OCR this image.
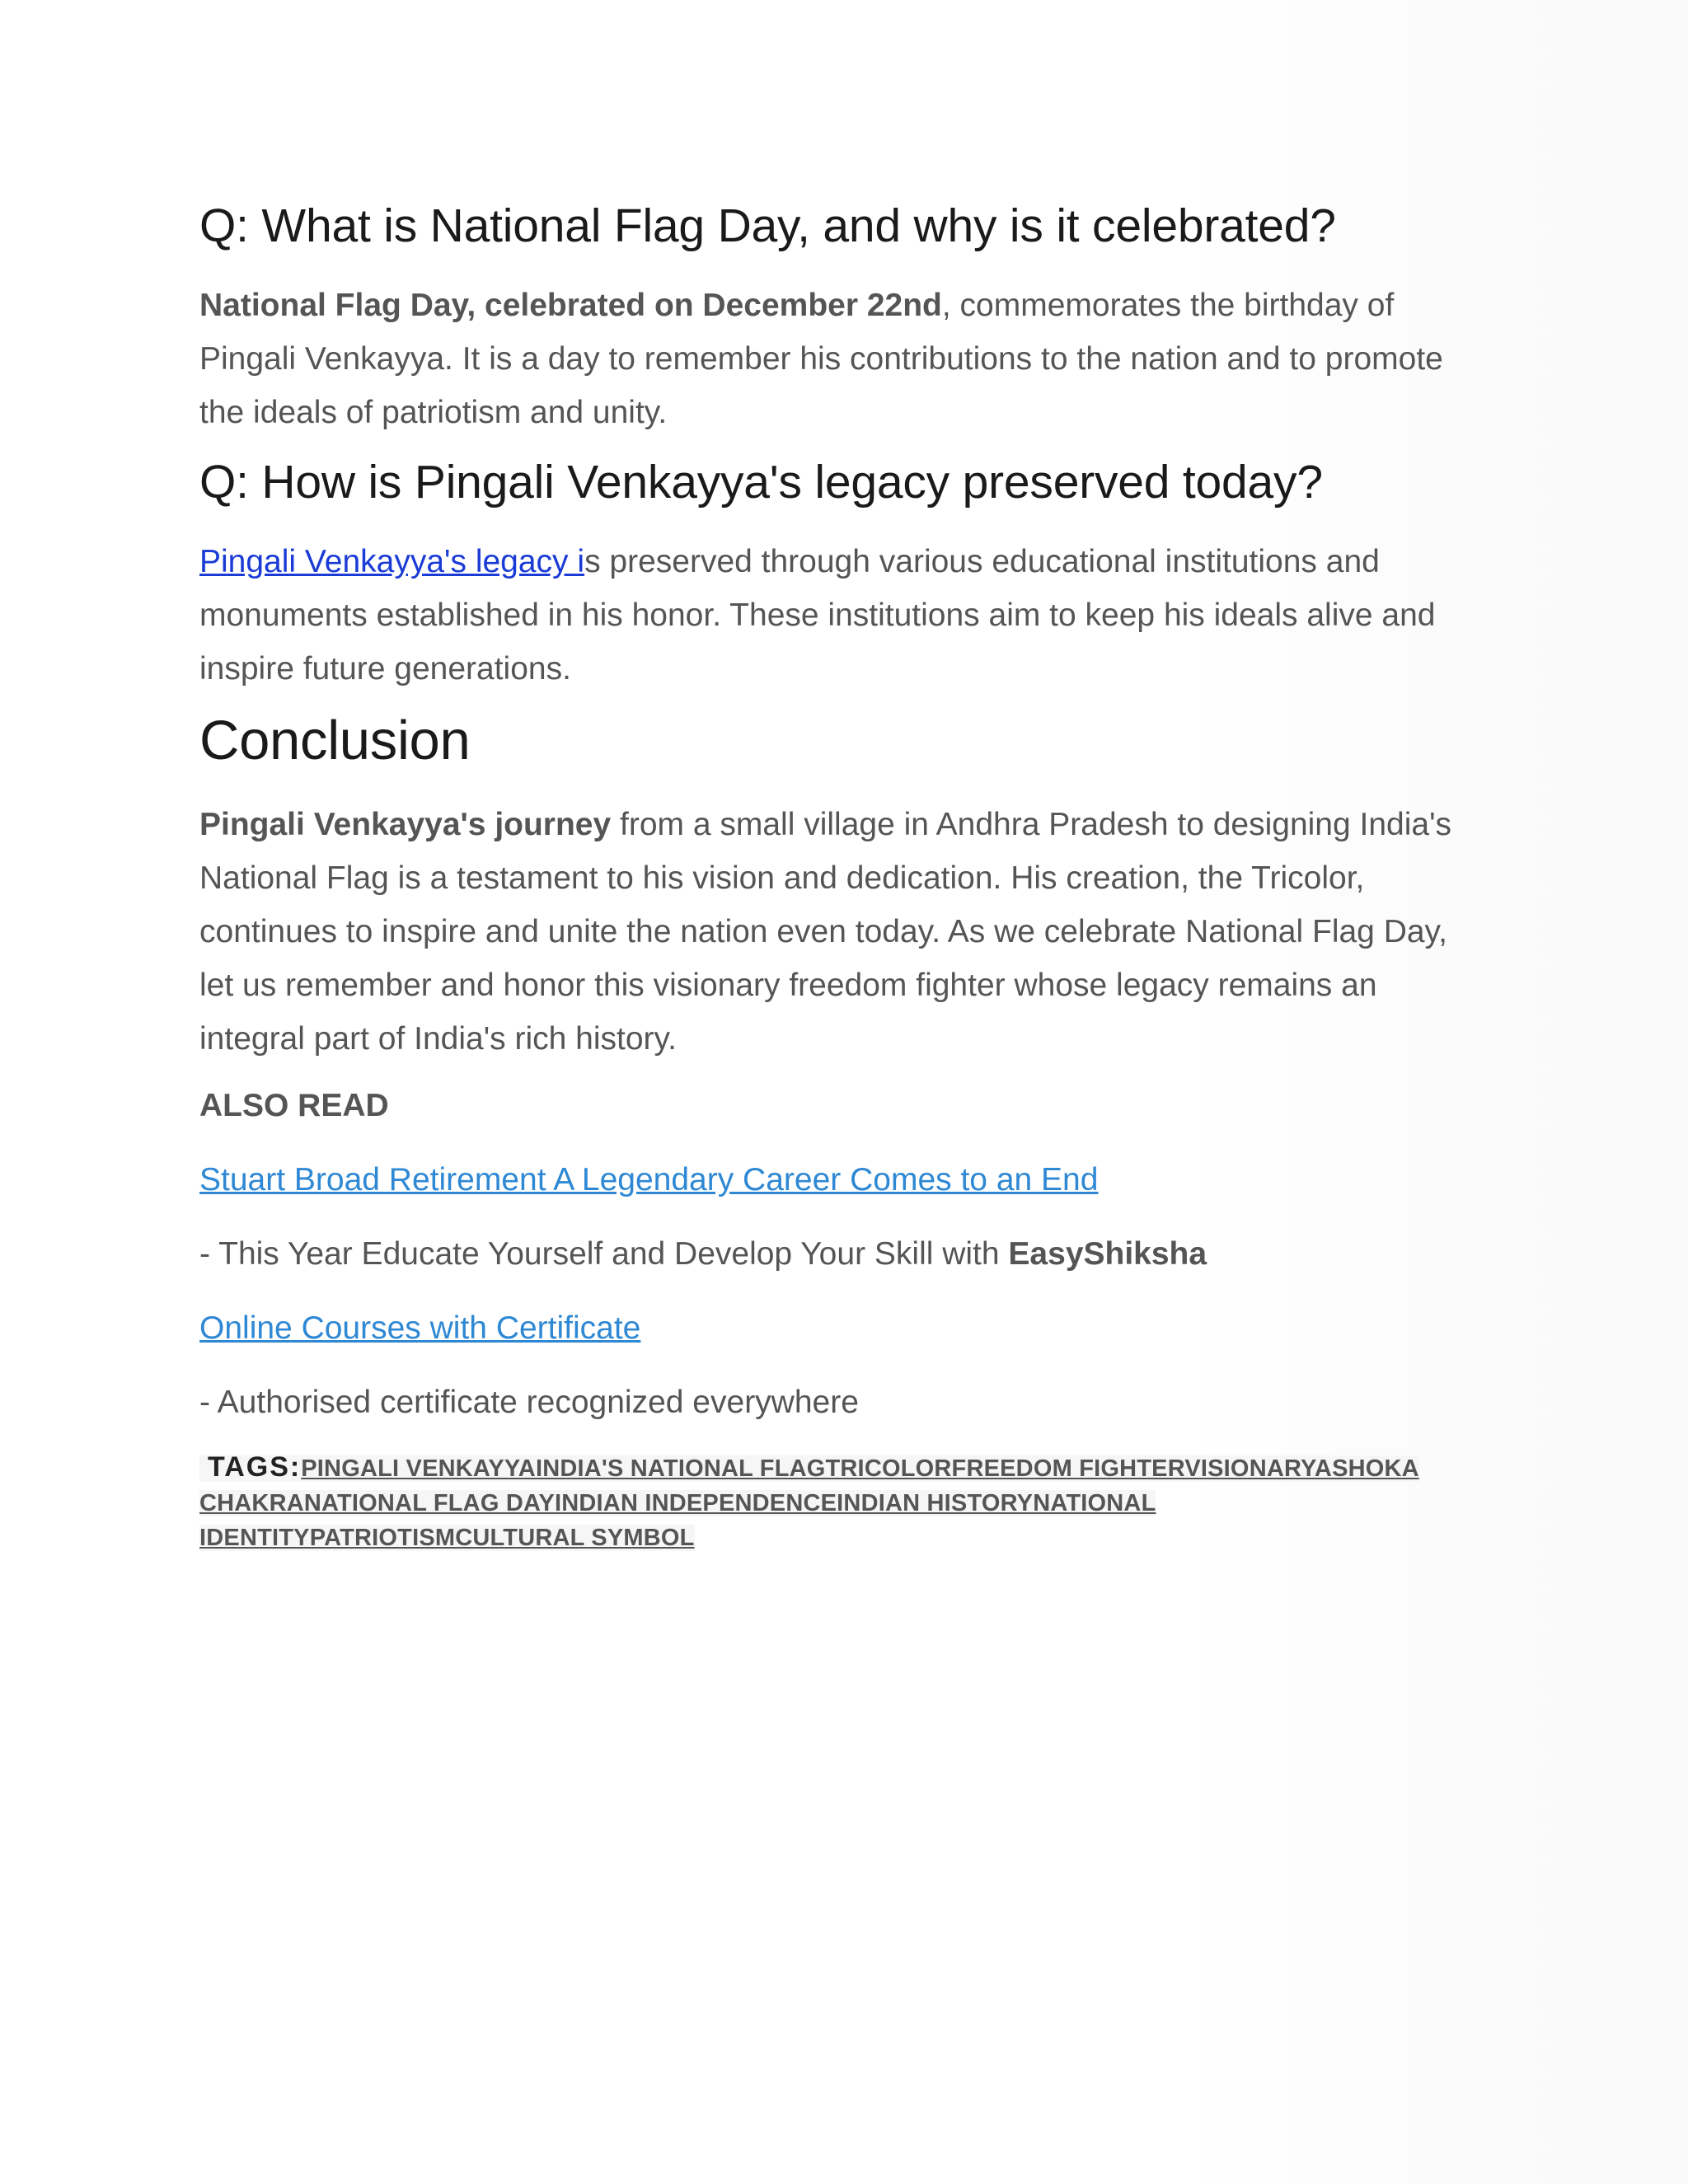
Q: What is National Flag Day, and why is it celebrated?

National Flag Day, celebrated on December 22nd, commemorates the birthday of Pingali Venkayya. It is a day to remember his contributions to the nation and to promote the ideals of patriotism and unity.

Q: How is Pingali Venkayya's legacy preserved today?

Pingali Venkayya's legacy is preserved through various educational institutions and monuments established in his honor. These institutions aim to keep his ideals alive and inspire future generations.

Conclusion

Pingali Venkayya's journey from a small village in Andhra Pradesh to designing India's National Flag is a testament to his vision and dedication. His creation, the Tricolor, continues to inspire and unite the nation even today. As we celebrate National Flag Day, let us remember and honor this visionary freedom fighter whose legacy remains an integral part of India's rich history.

ALSO READ
Stuart Broad Retirement A Legendary Career Comes to an End
- This Year Educate Yourself and Develop Your Skill with EasyShiksha
Online Courses with Certificate
- Authorised certificate recognized everywhere
TAGS:PINGALI VENKAYYAINDIA'S NATIONAL FLAGTRICOLORFREEDOM FIGHTERVISIONARYASHOKA CHAKRANATIONAL FLAG DAYINDIAN INDEPENDENCEINDIAN HISTORYNATIONAL IDENTITYPATRIOTISMCULTURAL SYMBOL
